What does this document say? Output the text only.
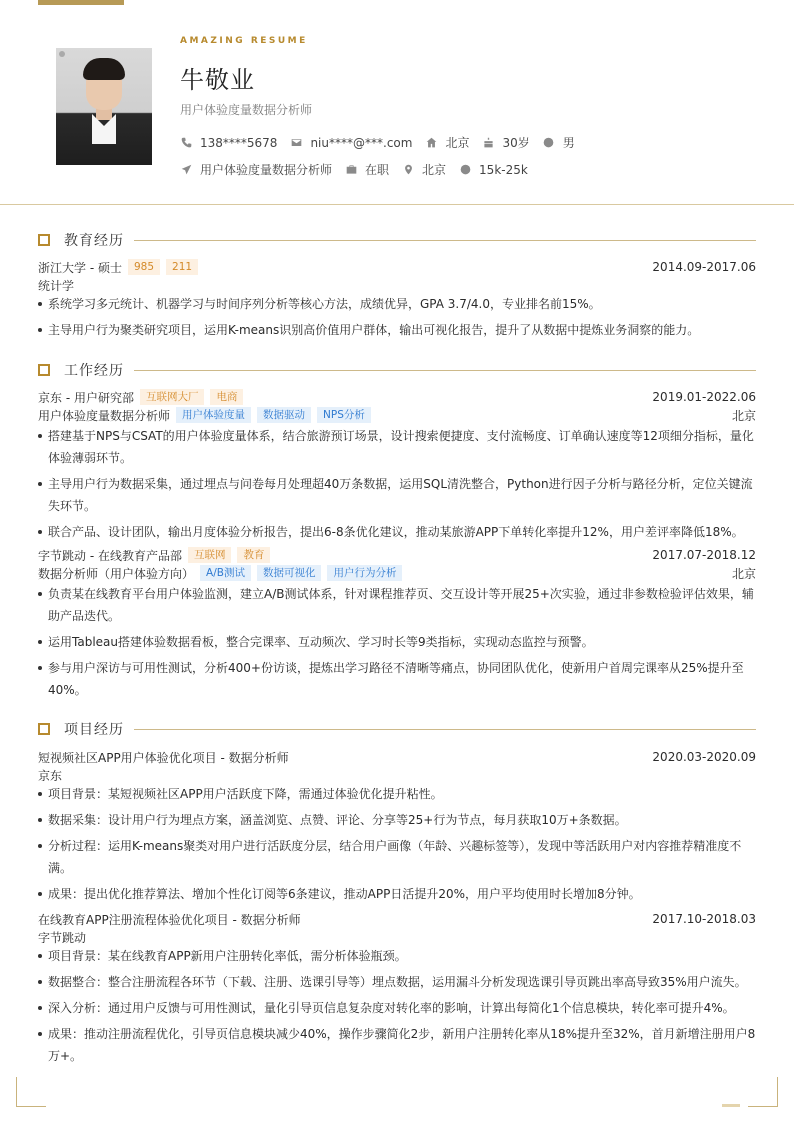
AMAZING RESUME
牛敬业
用户体验度量数据分析师
138****5678	niu****@***.com	北京	30岁	男
用户体验度量数据分析师	在职	北京	15k-25k
教育经历
浙江大学 - 硕士	985	211	2014.09-2017.06
统计学
系统学习多元统计、机器学习与时间序列分析等核心方法，成绩优异，GPA 3.7/4.0，专业排名前15%。
主导用户行为聚类研究项目，运用K-means识别高价值用户群体，输出可视化报告，提升了从数据中提炼业务洞察的能力。
工作经历
京东 - 用户研究部	互联网大厂	电商	2019.01-2022.06
用户体验度量数据分析师	用户体验度量	数据驱动	NPS分析	北京
搭建基于NPS与CSAT的用户体验度量体系，结合旅游预订场景，设计搜索便捷度、支付流畅度、订单确认速度等12项细分指标，量化体验薄弱环节。
主导用户行为数据采集，通过埋点与问卷每月处理超40万条数据，运用SQL清洗整合，Python进行因子分析与路径分析，定位关键流失环节。
联合产品、设计团队，输出月度体验分析报告，提出6-8条优化建议，推动某旅游APP下单转化率提升12%，用户差评率降低18%。
字节跳动 - 在线教育产品部	互联网	教育	2017.07-2018.12
数据分析师（用户体验方向）	A/B测试	数据可视化	用户行为分析	北京
负责某在线教育平台用户体验监测，建立A/B测试体系，针对课程推荐页、交互设计等开展25+次实验，通过非参数检验评估效果，辅助产品迭代。
运用Tableau搭建体验数据看板，整合完课率、互动频次、学习时长等9类指标，实现动态监控与预警。
参与用户深访与可用性测试，分析400+份访谈，提炼出学习路径不清晰等痛点，协同团队优化，使新用户首周完课率从25%提升至40%。
项目经历
短视频社区APP用户体验优化项目 - 数据分析师	2020.03-2020.09
京东
项目背景：某短视频社区APP用户活跃度下降，需通过体验优化提升粘性。
数据采集：设计用户行为埋点方案，涵盖浏览、点赞、评论、分享等25+行为节点，每月获取10万+条数据。
分析过程：运用K-means聚类对用户进行活跃度分层，结合用户画像（年龄、兴趣标签等），发现中等活跃用户对内容推荐精准度不满。
成果：提出优化推荐算法、增加个性化订阅等6条建议，推动APP日活提升20%，用户平均使用时长增加8分钟。
在线教育APP注册流程体验优化项目 - 数据分析师	2017.10-2018.03
字节跳动
项目背景：某在线教育APP新用户注册转化率低，需分析体验瓶颈。
数据整合：整合注册流程各环节（下载、注册、选课引导等）埋点数据，运用漏斗分析发现选课引导页跳出率高导致35%用户流失。
深入分析：通过用户反馈与可用性测试，量化引导页信息复杂度对转化率的影响，计算出每简化1个信息模块，转化率可提升4%。
成果：推动注册流程优化，引导页信息模块减少40%，操作步骤简化2步，新用户注册转化率从18%提升至32%，首月新增注册用户8万+。
